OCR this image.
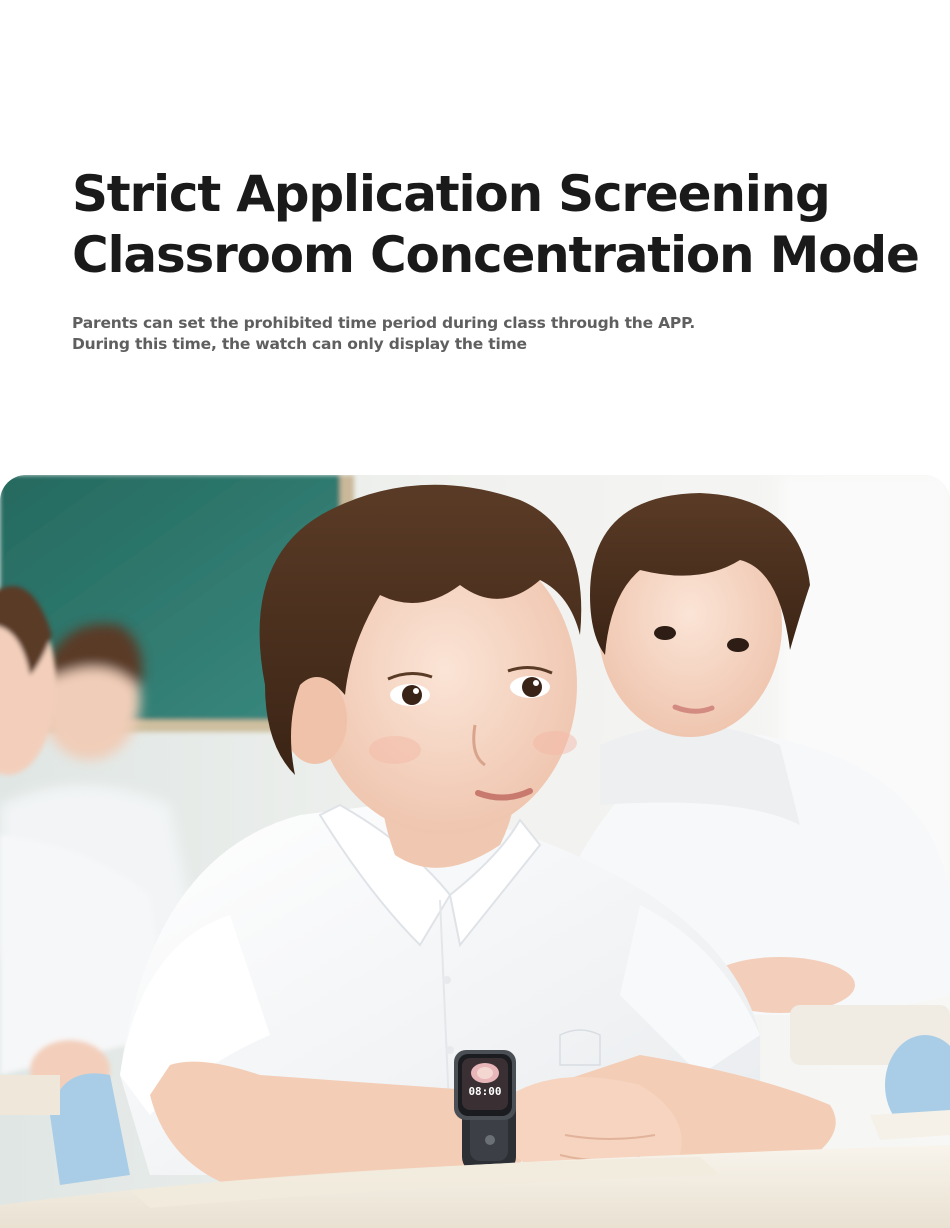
Strict Application Screening
Classroom Concentration Mode

Parents can set the prohibited time period during class through the APP.

During this time, the watch can only display the time

08:00
